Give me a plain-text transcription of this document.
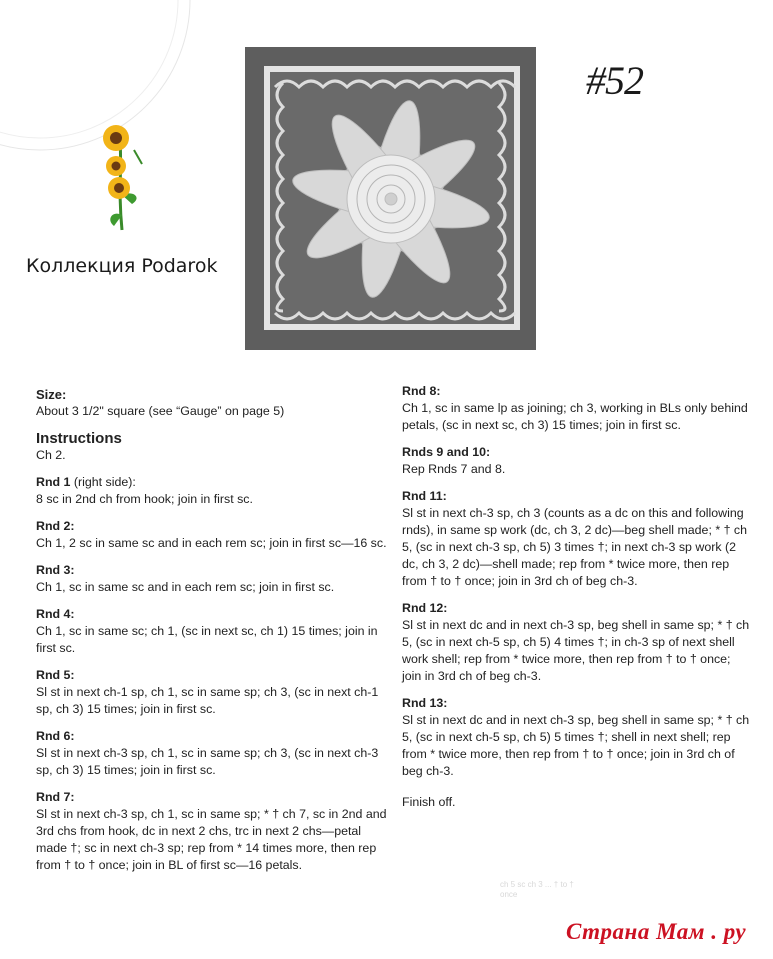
Коллекция Podarok
#52

Size:

About 3 1/2" square (see “Gauge” on page 5)

Instructions

Ch 2.

Rnd 1 (right side):
8 sc in 2nd ch from hook; join in first sc.

Rnd 2:
Ch 1, 2 sc in same sc and in each rem sc; join in first sc—16 sc.

Rnd 3:
Ch 1, sc in same sc and in each rem sc; join in first sc.

Rnd 4:
Ch 1, sc in same sc; ch 1, (sc in next sc, ch 1) 15 times; join in first sc.

Rnd 5:
Sl st in next ch-1 sp, ch 1, sc in same sp; ch 3, (sc in next ch-1 sp, ch 3) 15 times; join in first sc.

Rnd 6:
Sl st in next ch-3 sp, ch 1, sc in same sp; ch 3, (sc in next ch-3 sp, ch 3) 15 times; join in first sc.

Rnd 7:
Sl st in next ch-3 sp, ch 1, sc in same sp; * † ch 7, sc in 2nd and 3rd chs from hook, dc in next 2 chs, trc in next 2 chs—petal made †; sc in next ch-3 sp; rep from * 14 times more, then rep from † to † once; join in BL of first sc—16 petals.

Rnd 8:
Ch 1, sc in same lp as joining; ch 3, working in BLs only behind petals, (sc in next sc, ch 3) 15 times; join in first sc.

Rnds 9 and 10:
Rep Rnds 7 and 8.

Rnd 11:
Sl st in next ch-3 sp, ch 3 (counts as a dc on this and following rnds), in same sp work (dc, ch 3, 2 dc)—beg shell made; * † ch 5, (sc in next ch-3 sp, ch 5) 3 times †; in next ch-3 sp work (2 dc, ch 3, 2 dc)—shell made; rep from * twice more, then rep from † to † once; join in 3rd ch of beg ch-3.

Rnd 12:
Sl st in next dc and in next ch-3 sp, beg shell in same sp; * † ch 5, (sc in next ch-5 sp, ch 5) 4 times †; in ch-3 sp of next shell work shell; rep from * twice more, then rep from † to † once; join in 3rd ch of beg ch-3.

Rnd 13:
Sl st in next dc and in next ch-3 sp, beg shell in same sp; * † ch 5, (sc in next ch-5 sp, ch 5) 5 times †; shell in next shell; rep from * twice more, then rep from † to † once; join in 3rd ch of beg ch-3.

Finish off.

ch 5 sc ch 3 ... † to † once
Страна Мам . ру
